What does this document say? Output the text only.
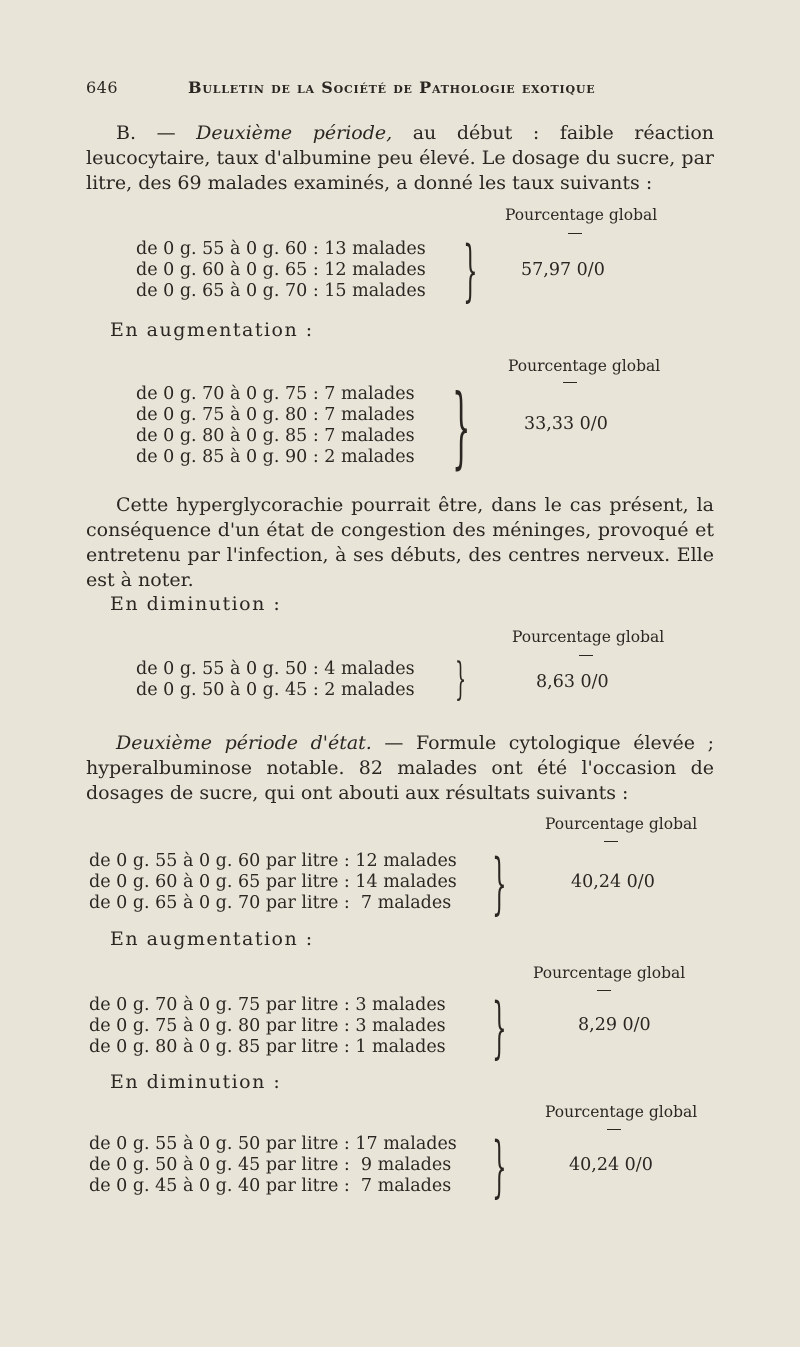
646	Bulletin de la Société de Pathologie exotique

B. — Deuxième période, au début : faible réaction leucocytaire, taux d'albumine peu élevé. Le dosage du sucre, par litre, des 69 malades examinés, a donné les taux suivants :

Pourcentage global
de 0 g. 55 à 0 g. 60 : 13 malades
de 0 g. 60 à 0 g. 65 : 12 malades
de 0 g. 65 à 0 g. 70 : 15 malades } 57,97 0/0

En augmentation :

Pourcentage global
de 0 g. 70 à 0 g. 75 : 7 malades
de 0 g. 75 à 0 g. 80 : 7 malades
de 0 g. 80 à 0 g. 85 : 7 malades
de 0 g. 85 à 0 g. 90 : 2 malades }	33,33 0/0

Cette hyperglycorachie pourrait être, dans le cas présent, la conséquence d'un état de congestion des méninges, provoqué et entretenu par l'infection, à ses débuts, des centres nerveux. Elle est à noter.

En diminution :

Pourcentage global
de 0 g. 55 à 0 g. 50 : 4 malades
de 0 g. 50 à 0 g. 45 : 2 malades }	8,63 0/0

Deuxième période d'état. — Formule cytologique élevée ; hyperalbuminose notable. 82 malades ont été l'occasion de dosages de sucre, qui ont abouti aux résultats suivants :

Pourcentage global
de 0 g. 55 à 0 g. 60 par litre : 12 malades
de 0 g. 60 à 0 g. 65 par litre : 14 malades
de 0 g. 65 à 0 g. 70 par litre :  7 malades }	40,24 0/0

En augmentation :

Pourcentage global
de 0 g. 70 à 0 g. 75 par litre : 3 malades
de 0 g. 75 à 0 g. 80 par litre : 3 malades
de 0 g. 80 à 0 g. 85 par litre : 1 malades }	8,29 0/0

En diminution :

Pourcentage global
de 0 g. 55 à 0 g. 50 par litre : 17 malades
de 0 g. 50 à 0 g. 45 par litre :  9 malades
de 0 g. 45 à 0 g. 40 par litre :  7 malades }	40,24 0/0
